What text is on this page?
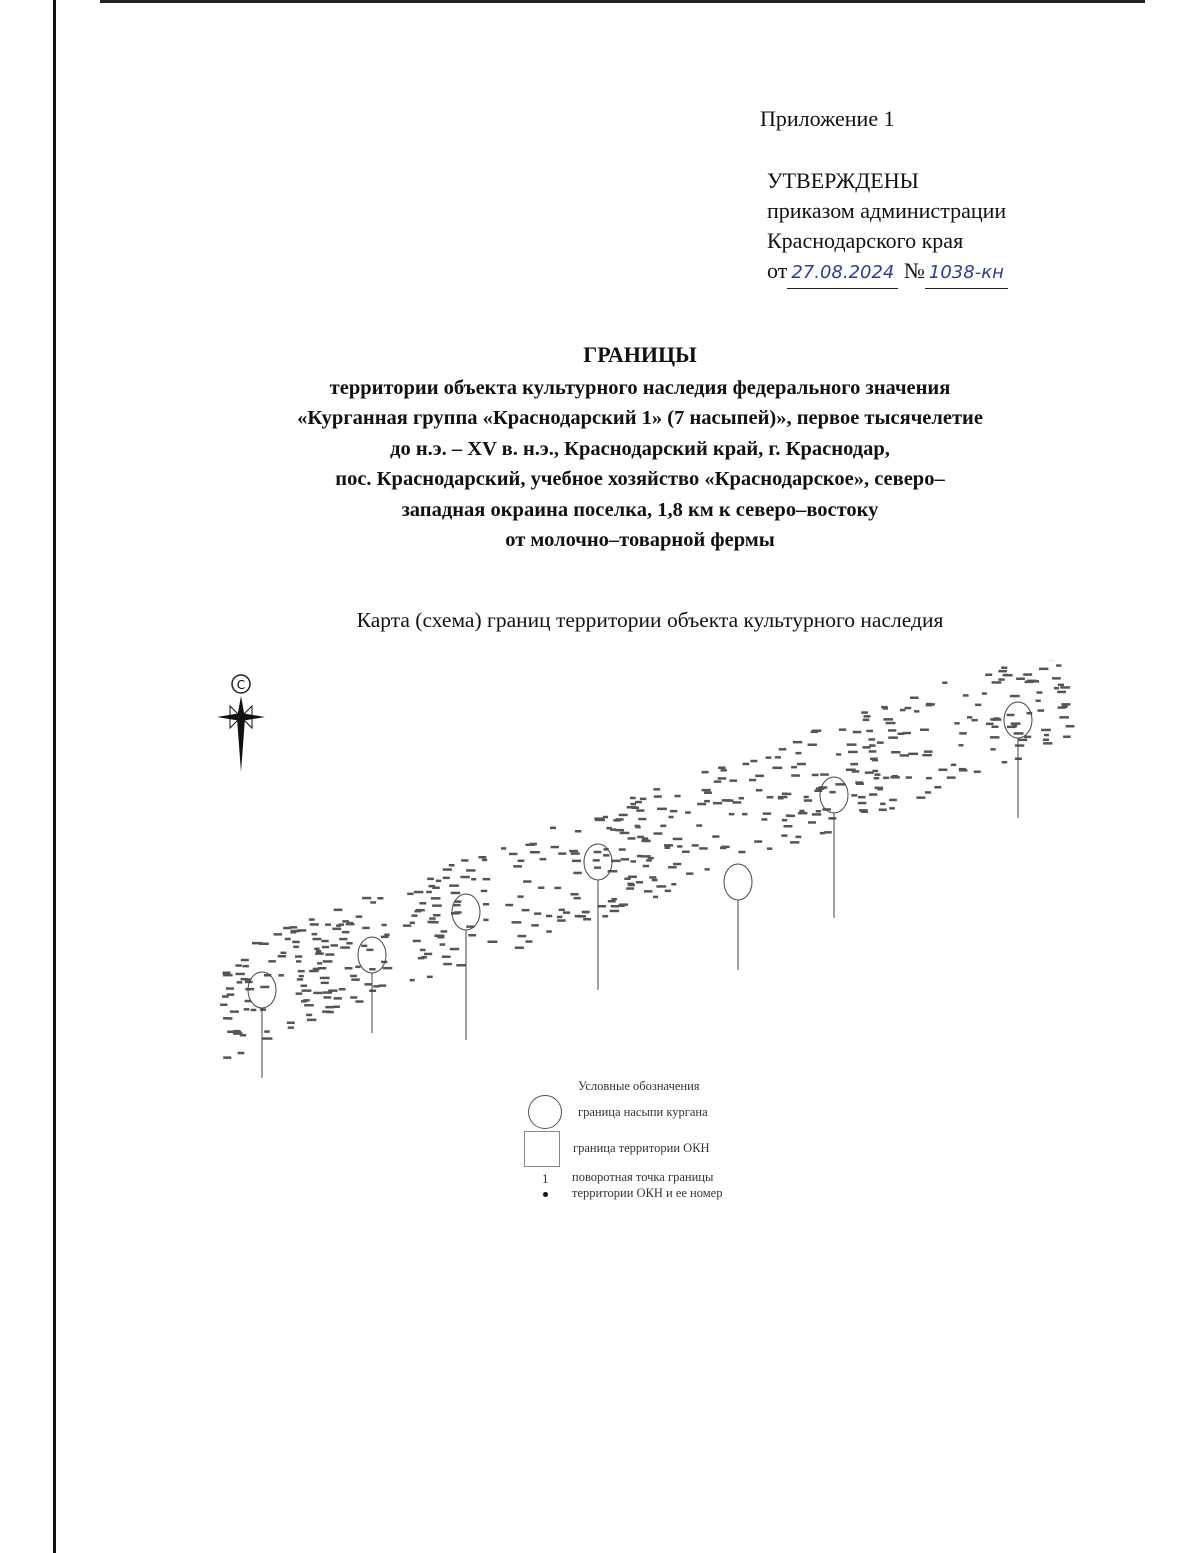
Приложение 1
УТВЕРЖДЕНЫ
приказом администрации
Краснодарского края
от 27.08.2024 № 1038-кн
ГРАНИЦЫ
территории объекта культурного наследия федерального значения
«Курганная группа «Краснодарский 1» (7 насыпей)», первое тысячелетие
до н.э. – XV в. н.э., Краснодарский край, г. Краснодар,
пос. Краснодарский, учебное хозяйство «Краснодарское», северо–
западная окраина поселка, 1,8 км к северо–востоку
от молочно–товарной фермы
Карта (схема) границ территории объекта культурного наследия
С
Условные обозначения
граница насыпи кургана
граница территории ОКН
1 поворотная точка границы
территории ОКН и ее номер
